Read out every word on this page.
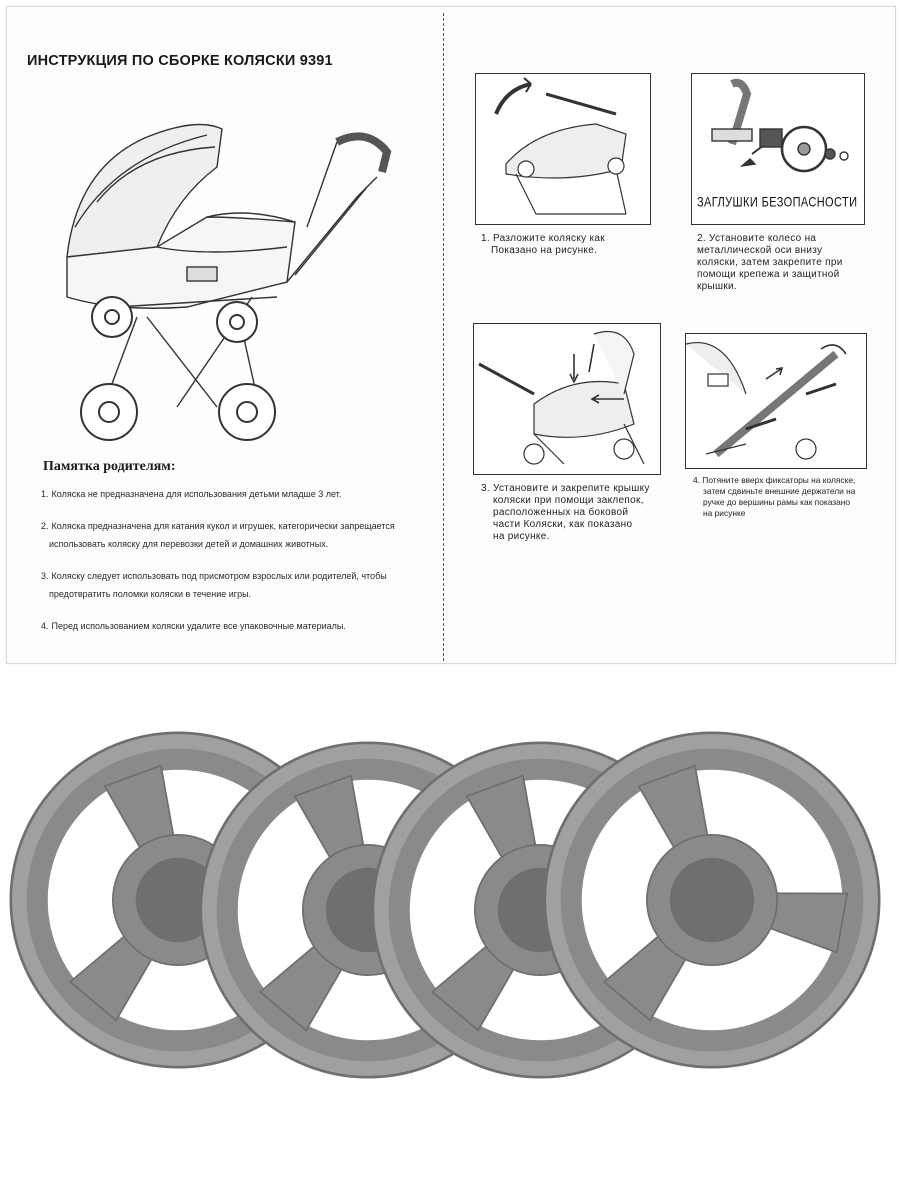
ИНСТРУКЦИЯ ПО СБОРКЕ КОЛЯСКИ 9391
Памятка родителям:
1. Коляска не предназначена для использования детьми младше 3 лет.
2. Коляска предназначена для катания кукол и игрушек, категорически запрещается
использовать коляску для перевозки детей и домашних животных.
3. Коляску следует использовать под присмотром взрослых или родителей, чтобы
предотвратить поломки коляски в течение игры.
4. Перед использованием коляски удалите все упаковочные материалы.
1. Разложите коляску как
Показано на рисунке.
ЗАГЛУШКИ БЕЗОПАСНОСТИ
2. Установите колесо на
металлической оси внизу
коляски, затем закрепите при
помощи крепежа и защитной
крышки.
3. Установите и закрепите крышку
коляски при помощи заклепок,
расположенных на боковой
части Коляски, как показано
на рисунке.
4. Потяните вверх фиксаторы на коляске,
затем сдвиньте внешние держатели на
ручке до вершины рамы как показано
на рисунке
